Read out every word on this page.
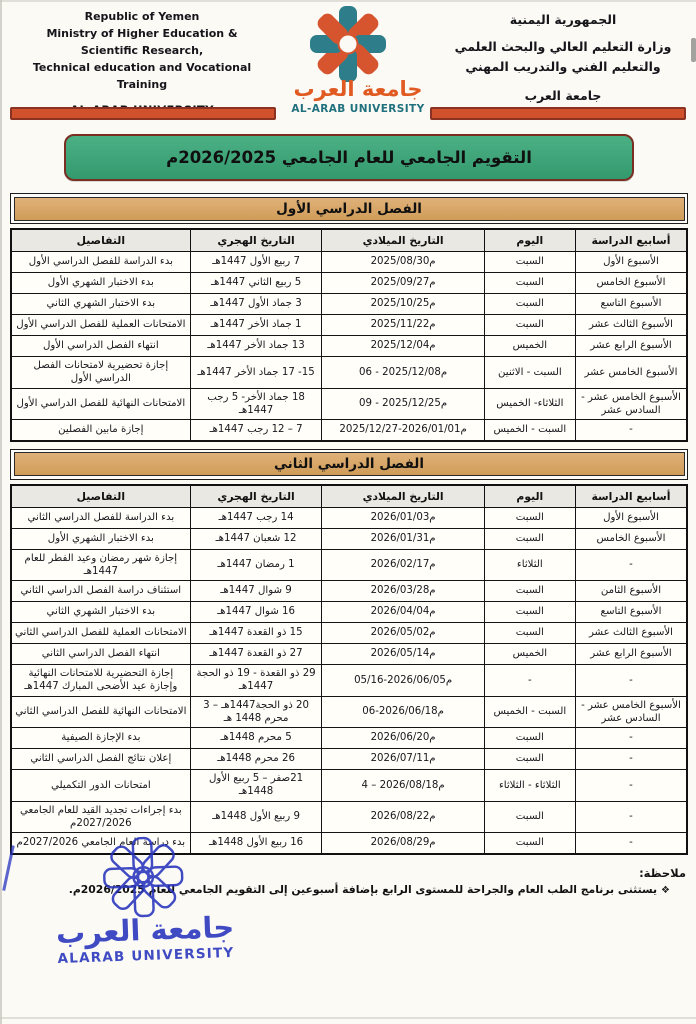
Republic of Yemen
Ministry of Higher Education &
Scientific Research,
Technical education and Vocational Training	جامعة العرب
AL-ARAB UNIVERSITY
الجمهورية اليمنية
وزارة التعليم العالي والبحث العلمي
والتعليم الفني والتدريب المهني
جامعة العرب
التقويم الجامعي للعام الجامعي 2026/2025م
الفصل الدراسي الأول
أسابيع الدراسة	اليوم	التاريخ الميلادي	التاريخ الهجري	التفاصيل
الأسبوع الأول	السبت	م2025/08/30	7 ربيع الأول 1447هـ	بدء الدراسة للفصل الدراسي الأول
الأسبوع الخامس	السبت	م2025/09/27	5 ربيع الثاني 1447هـ	بدء الاختبار الشهري الأول
الأسبوع التاسع	السبت	م2025/10/25	3 جماد الأول 1447هـ	بدء الاختبار الشهري الثاني
الأسبوع الثالث عشر	السبت	م2025/11/22	1 جماد الأخر 1447هـ	الامتحانات العملية للفصل الدراسي الأول
الأسبوع الرابع عشر	الخميس	م2025/12/04	13 جماد الأخر 1447هـ	انتهاء الفصل الدراسي الأول
الأسبوع الخامس عشر	السبت - الاثنين	م2025/12/08 - 06	15- 17 جماد الأخر 1447هـ	إجازة تحضيرية لامتحانات الفصل الدراسي الأول
الأسبوع الخامس عشر - السادس عشر	الثلاثاء- الخميس	م2025/12/25 - 09	18 جماد الأخر- 5 رجب 1447هـ	الامتحانات النهائية للفصل الدراسي الأول
-	السبت - الخميس	م2026/01/01-2025/12/27	7 – 12 رجب 1447هـ	إجازة مابين الفصلين
الفصل الدراسي الثاني
أسابيع الدراسة	اليوم	التاريخ الميلادي	التاريخ الهجري	التفاصيل
الأسبوع الأول	السبت	م2026/01/03	14 رجب 1447هـ	بدء الدراسة للفصل الدراسي الثاني
الأسبوع الخامس	السبت	م2026/01/31	12 شعبان 1447هـ	بدء الاختبار الشهري الأول
-	الثلاثاء	م2026/02/17	1 رمضان 1447هـ	إجازة شهر رمضان وعيد الفطر للعام 1447هـ
الأسبوع الثامن	السبت	م2026/03/28	9 شوال 1447هـ	استئناف دراسة الفصل الدراسي الثاني
الأسبوع التاسع	السبت	م2026/04/04	16 شوال 1447هـ	بدء الاختبار الشهري الثاني
الأسبوع الثالث عشر	السبت	م2026/05/02	15 ذو القعدة 1447هـ	الامتحانات العملية للفصل الدراسي الثاني
الأسبوع الرابع عشر	الخميس	م2026/05/14	27 ذو القعدة 1447هـ	انتهاء الفصل الدراسي الثاني
-	-	م2026/06/05-05/16	29 ذو القعدة - 19 ذو الحجة 1447هـ	إجازة التحضيرية للامتحانات النهائية وإجازة عيد الأضحى المبارك 1447هـ
الأسبوع الخامس عشر - السادس عشر	السبت - الخميس	م2026/06/18-06	20 ذو الحجة1447هـ – 3 محرم 1448 هـ	الامتحانات النهائية للفصل الدراسي الثاني
-	السبت	م2026/06/20	5 محرم 1448هـ	بدء الإجازة الصيفية
-	السبت	م2026/07/11	26 محرم 1448هـ	إعلان نتائج الفصل الدراسي الثاني
-	الثلاثاء - الثلاثاء	م2026/08/18 – 4	21صفر – 5 ربيع الأول 1448هـ	امتحانات الدور التكميلي
-	السبت	م2026/08/22	9 ربيع الأول 1448هـ	بدء إجراءات تجديد القيد للعام الجامعي 2027/2026م
-	السبت	م2026/08/29	16 ربيع الأول 1448هـ	بدء دراسة العام الجامعي 2027/2026م
ملاحظة:
❖يستثنى برنامج الطب العام والجراحة للمستوى الرابع بإضافة أسبوعين إلى التقويم الجامعي للعام 2026/2025م.
جامعة العرب
ALARAB UNIVERSITY
